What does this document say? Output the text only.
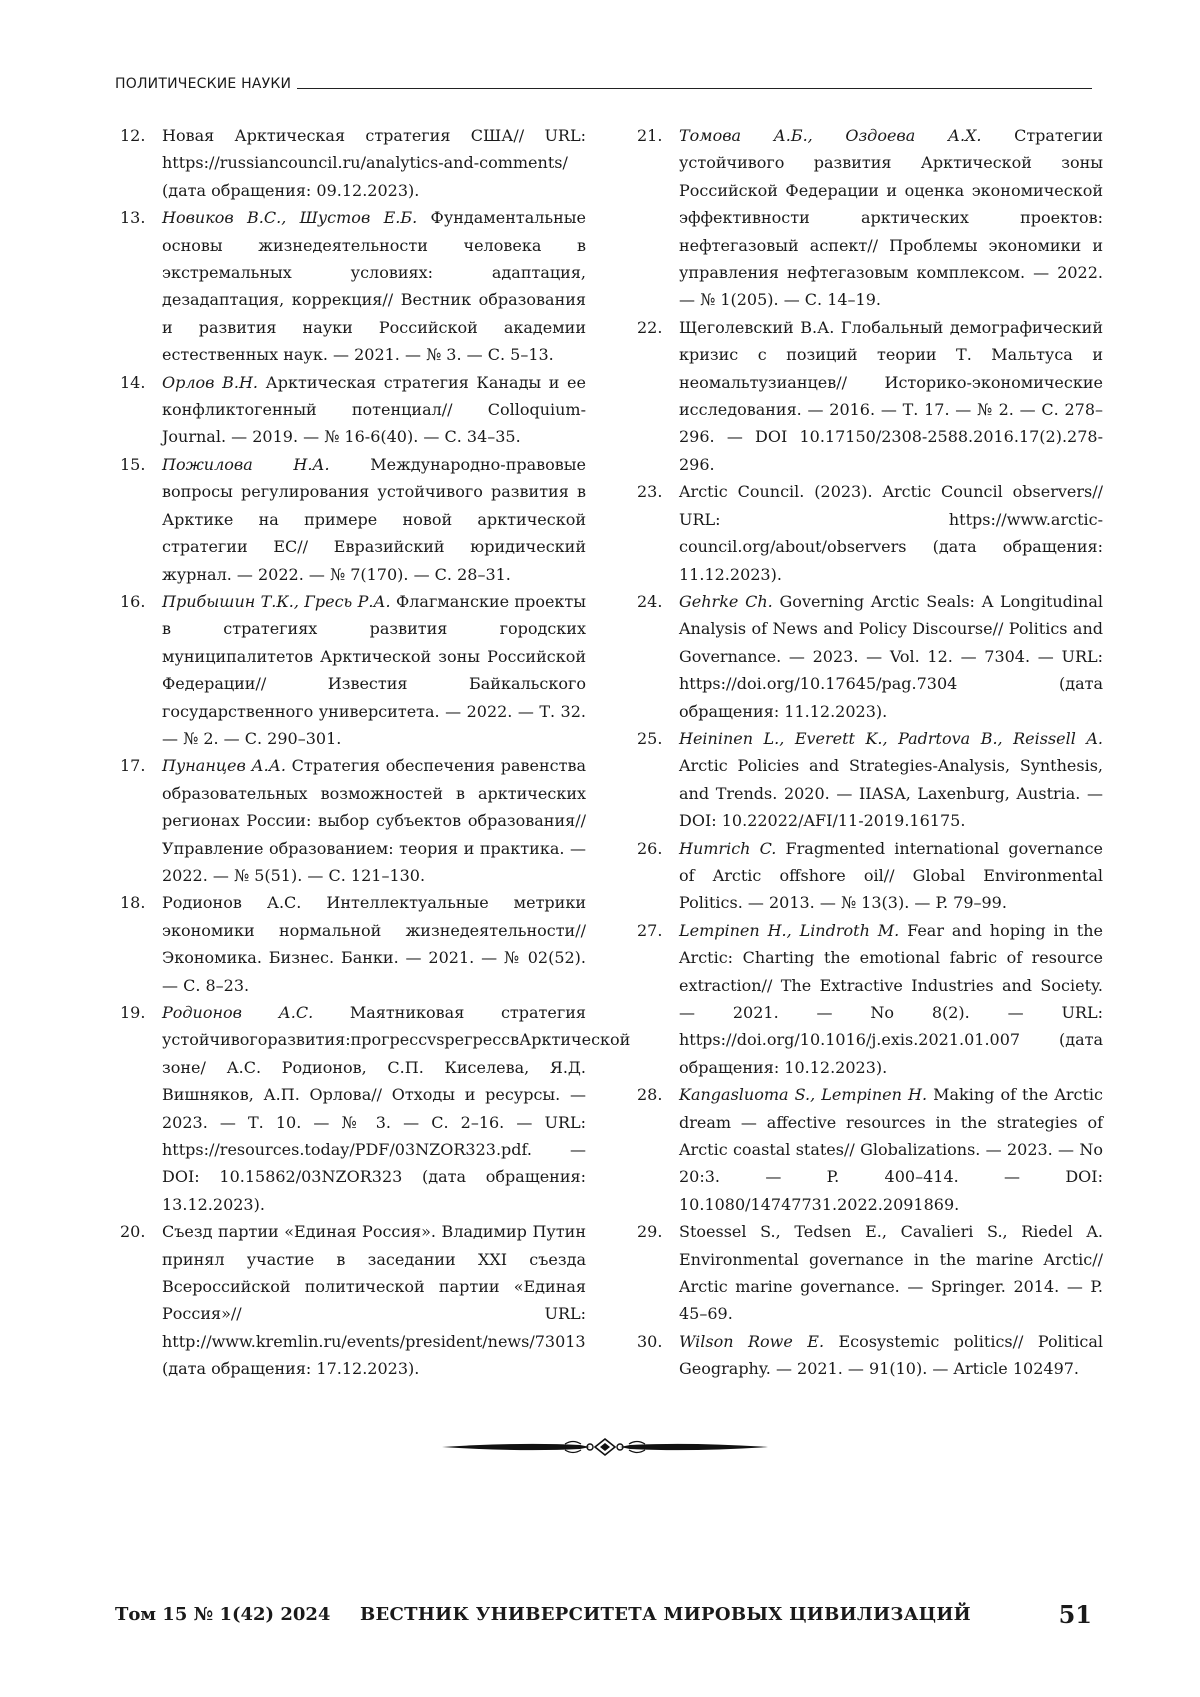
ПОЛИТИЧЕСКИЕ НАУКИ
12. Новая Арктическая стратегия США// URL: https://russiancouncil.ru/analytics-and-comments/ (дата обращения: 09.12.2023).
13. Новиков В.С., Шустов Е.Б. Фундаментальные основы жизнедеятельности человека в экстремальных условиях: адаптация, дезадаптация, коррекция// Вестник образования и развития науки Российской академии естественных наук. — 2021. — № 3. — С. 5–13.
14. Орлов В.Н. Арктическая стратегия Канады и ее конфликтогенный потенциал// Colloquium-Journal. — 2019. — № 16-6(40). — С. 34–35.
15. Пожилова Н.А. Международно-правовые вопросы регулирования устойчивого развития в Арктике на примере новой арктической стратегии ЕС// Евразийский юридический журнал. — 2022. — № 7(170). — С. 28–31.
16. Прибышин Т.К., Гресь Р.А. Флагманские проекты в стратегиях развития городских муниципалитетов Арктической зоны Российской Федерации// Известия Байкальского государственного университета. — 2022. — Т. 32. — № 2. — С. 290–301.
17. Пунанцев А.А. Стратегия обеспечения равенства образовательных возможностей в арктических регионах России: выбор субъектов образования// Управление образованием: теория и практика. — 2022. — № 5(51). — С. 121–130.
18. Родионов А.С. Интеллектуальные метрики экономики нормальной жизнедеятельности// Экономика. Бизнес. Банки. — 2021. — № 02(52). — С. 8–23.
19. Родионов А.С. Маятниковая стратегия устойчивогоразвития:прогрессvsрегрессвАрктической зоне/ А.С. Родионов, С.П. Киселева, Я.Д. Вишняков, А.П. Орлова// Отходы и ресурсы. — 2023. — Т. 10. — № 3. — С. 2–16. — URL: https://resources.today/PDF/03NZOR323.pdf. — DOI: 10.15862/03NZOR323 (дата обращения: 13.12.2023).
20. Съезд партии «Единая Россия». Владимир Путин принял участие в заседании XXI съезда Всероссийской политической партии «Единая Россия»// URL: http://www.kremlin.ru/events/president/news/73013 (дата обращения: 17.12.2023).
21. Томова А.Б., Оздоева А.Х. Стратегии устойчивого развития Арктической зоны Российской Федерации и оценка экономической эффективности арктических проектов: нефтегазовый аспект// Проблемы экономики и управления нефтегазовым комплексом. — 2022. — № 1(205). — С. 14–19.
22. Щеголевский В.А. Глобальный демографический кризис с позиций теории Т. Мальтуса и неомальтузианцев// Историко-экономические исследования. — 2016. — Т. 17. — № 2. — С. 278–296. — DOI 10.17150/2308-2588.2016.17(2).278-296.
23. Arctic Council. (2023). Arctic Council observers// URL: https://www.arctic-council.org/about/observers (дата обращения: 11.12.2023).
24. Gehrke Ch. Governing Arctic Seals: A Longitudinal Analysis of News and Policy Discourse// Politics and Governance. — 2023. — Vol. 12. — 7304. — URL: https://doi.org/10.17645/pag.7304 (дата обращения: 11.12.2023).
25. Heininen L., Everett K., Padrtova B., Reissell A. Arctic Policies and Strategies-Analysis, Synthesis, and Trends. 2020. — IIASA, Laxenburg, Austria. — DOI: 10.22022/AFI/11-2019.16175.
26. Humrich C. Fragmented international governance of Arctic offshore oil// Global Environmental Politics. — 2013. — № 13(3). — P. 79–99.
27. Lempinen H., Lindroth M. Fear and hoping in the Arctic: Charting the emotional fabric of resource extraction// The Extractive Industries and Society. — 2021. — No 8(2). — URL: https://doi.org/10.1016/j.exis.2021.01.007 (дата обращения: 10.12.2023).
28. Kangasluoma S., Lempinen H. Making of the Arctic dream — affective resources in the strategies of Arctic coastal states// Globalizations. — 2023. — No 20:3. — P. 400–414. — DOI: 10.1080/14747731.2022.2091869.
29. Stoessel S., Tedsen E., Cavalieri S., Riedel A. Environmental governance in the marine Arctic// Arctic marine governance. — Springer. 2014. — P. 45–69.
30. Wilson Rowe E. Ecosystemic politics// Political Geography. — 2021. — 91(10). — Article 102497.
Том 15 № 1(42) 2024 ВЕСТНИК УНИВЕРСИТЕТА МИРОВЫХ ЦИВИЛИЗАЦИЙ	51
